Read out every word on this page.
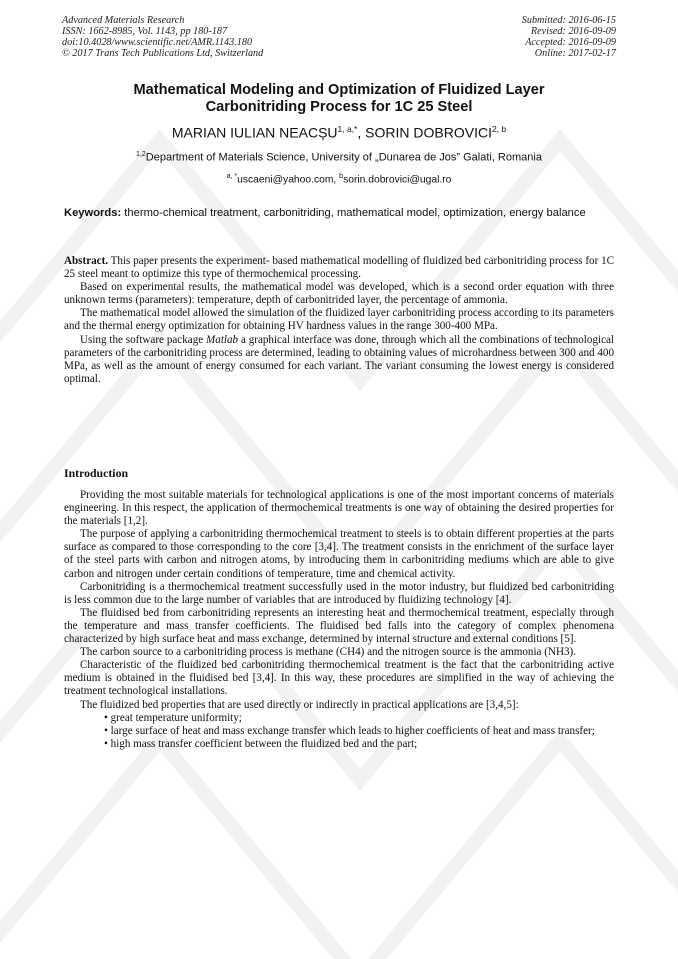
Advanced Materials Research
ISSN: 1662-8985, Vol. 1143, pp 180-187
doi:10.4028/www.scientific.net/AMR.1143.180
© 2017 Trans Tech Publications Ltd, Switzerland
Submitted: 2016-06-15
Revised: 2016-09-09
Accepted: 2016-09-09
Online: 2017-02-17
Mathematical Modeling and Optimization of Fluidized Layer
Carbonitriding Process for 1C 25 Steel
MARIAN IULIAN $NEACȘU^{1, a,*}$, SORIN DOBROVICI$^{2, b}$
$^{1,2}$Department of Materials Science, University of „Dunarea de Jos” Galati, Romania
$^{a, *}$uscaeni@yahoo.com, $^b$sorin.dobrovici@ugal.ro
Keywords: thermo-chemical treatment, carbonitriding, mathematical model, optimization, energy balance

Abstract. This paper presents the experiment- based mathematical modelling of fluidized bed carbonitriding process for 1C 25 steel meant to optimize this type of thermochemical processing.

Based on experimental results, the mathematical model was developed, which is a second order equation with three unknown terms (parameters): temperature, depth of carbonitrided layer, the percentage of ammonia.

The mathematical model allowed the simulation of the fluidized layer carbonitriding process according to its parameters and the thermal energy optimization for obtaining HV hardness values in the range 300-400 MPa.

Using the software package Matlab a graphical interface was done, through which all the combinations of technological parameters of the carbonitriding process are determined, leading to obtaining values of microhardness between 300 and 400 MPa, as well as the amount of energy consumed for each variant. The variant consuming the lowest energy is considered optimal.

Introduction

Providing the most suitable materials for technological applications is one of the most important concerns of materials engineering. In this respect, the application of thermochemical treatments is one way of obtaining the desired properties for the materials [1,2].

The purpose of applying a carbonitriding thermochemical treatment to steels is to obtain different properties at the parts surface as compared to those corresponding to the core [3,4]. The treatment consists in the enrichment of the surface layer of the steel parts with carbon and nitrogen atoms, by introducing them in carbonitriding mediums which are able to give carbon and nitrogen under certain conditions of temperature, time and chemical activity.

Carbonitriding is a thermochemical treatment successfully used in the motor industry, but fluidized bed carbonitriding is less common due to the large number of variables that are introduced by fluidizing technology [4].

The fluidised bed from carbonitriding represents an interesting heat and thermochemical treatment, especially through the temperature and mass transfer coefficients. The fluidised bed falls into the category of complex phenomena characterized by high surface heat and mass exchange, determined by internal structure and external conditions [5].

The carbon source to a carbonitriding process is methane (CH4) and the nitrogen source is the ammonia (NH3).

Characteristic of the fluidized bed carbonitriding thermochemical treatment is the fact that the carbonitriding active medium is obtained in the fluidised bed [3,4]. In this way, these procedures are simplified in the way of achieving the treatment technological installations.

The fluidized bed properties that are used directly or indirectly in practical applications are [3,4,5]:

• great temperature uniformity;

• large surface of heat and mass exchange transfer which leads to higher coefficients of heat and mass transfer;

• high mass transfer coefficient between the fluidized bed and the part;
